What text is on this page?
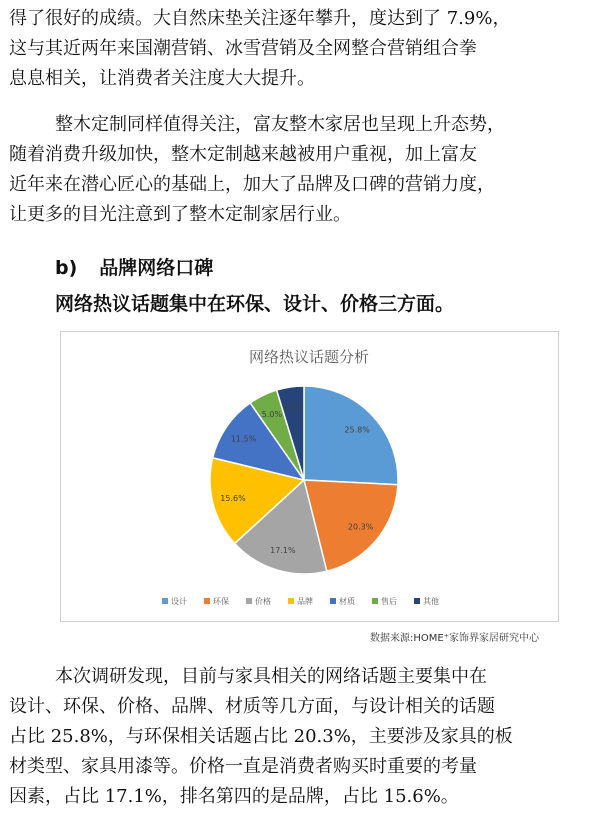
得了很好的成绩。大自然床垫关注逐年攀升，度达到了 7.9%，
这与其近两年来国潮营销、冰雪营销及全网整合营销组合拳
息息相关，让消费者关注度大大提升。
整木定制同样值得关注，富友整木家居也呈现上升态势，
随着消费升级加快，整木定制越来越被用户重视，加上富友
近年来在潜心匠心的基础上，加大了品牌及口碑的营销力度，
让更多的目光注意到了整木定制家居行业。
b) 品牌网络口碑
网络热议话题集中在环保、设计、价格三方面。
网络热议话题分析
25.8%
20.3%
17.1%
15.6%
11.5%
5.0%
4.7%
设计	环保	价格	品牌	材质	售后	其他
数据来源:HOME⁺家饰界家居研究中心
本次调研发现，目前与家具相关的网络话题主要集中在
设计、环保、价格、品牌、材质等几方面，与设计相关的话题
占比 25.8%，与环保相关话题占比 20.3%，主要涉及家具的板
材类型、家具用漆等。价格一直是消费者购买时重要的考量
因素，占比 17.1%，排名第四的是品牌，占比 15.6%。
